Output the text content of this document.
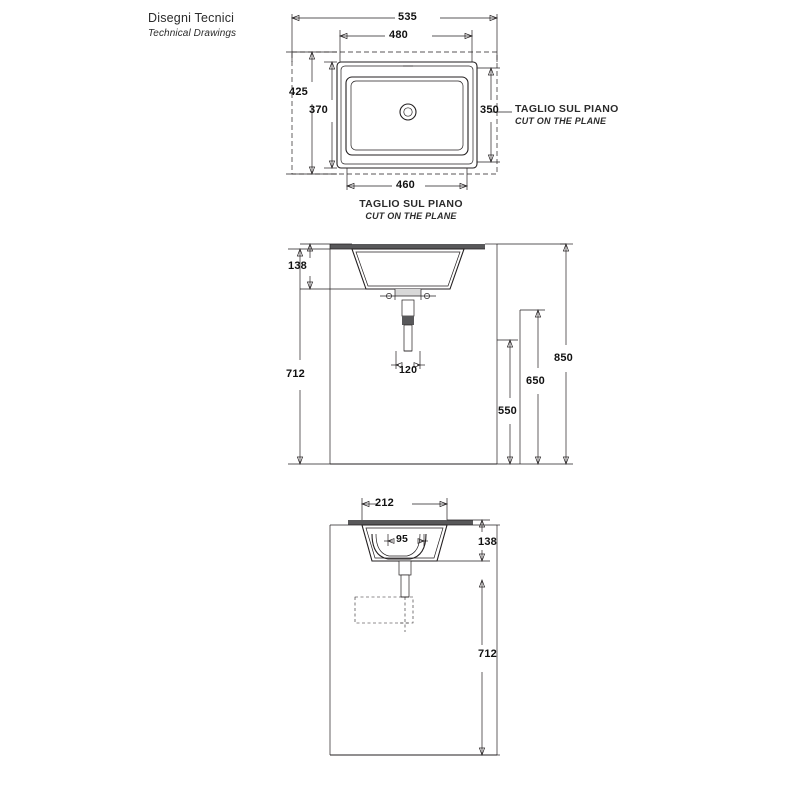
Disegni Tecnici
Technical Drawings
535
480
425
370	350
460
TAGLIO SUL PIANO
CUT ON THE PLANE
TAGLIO SUL PIANO
CUT ON THE PLANE
138
712	120
850
650
550
212
95	138
712
